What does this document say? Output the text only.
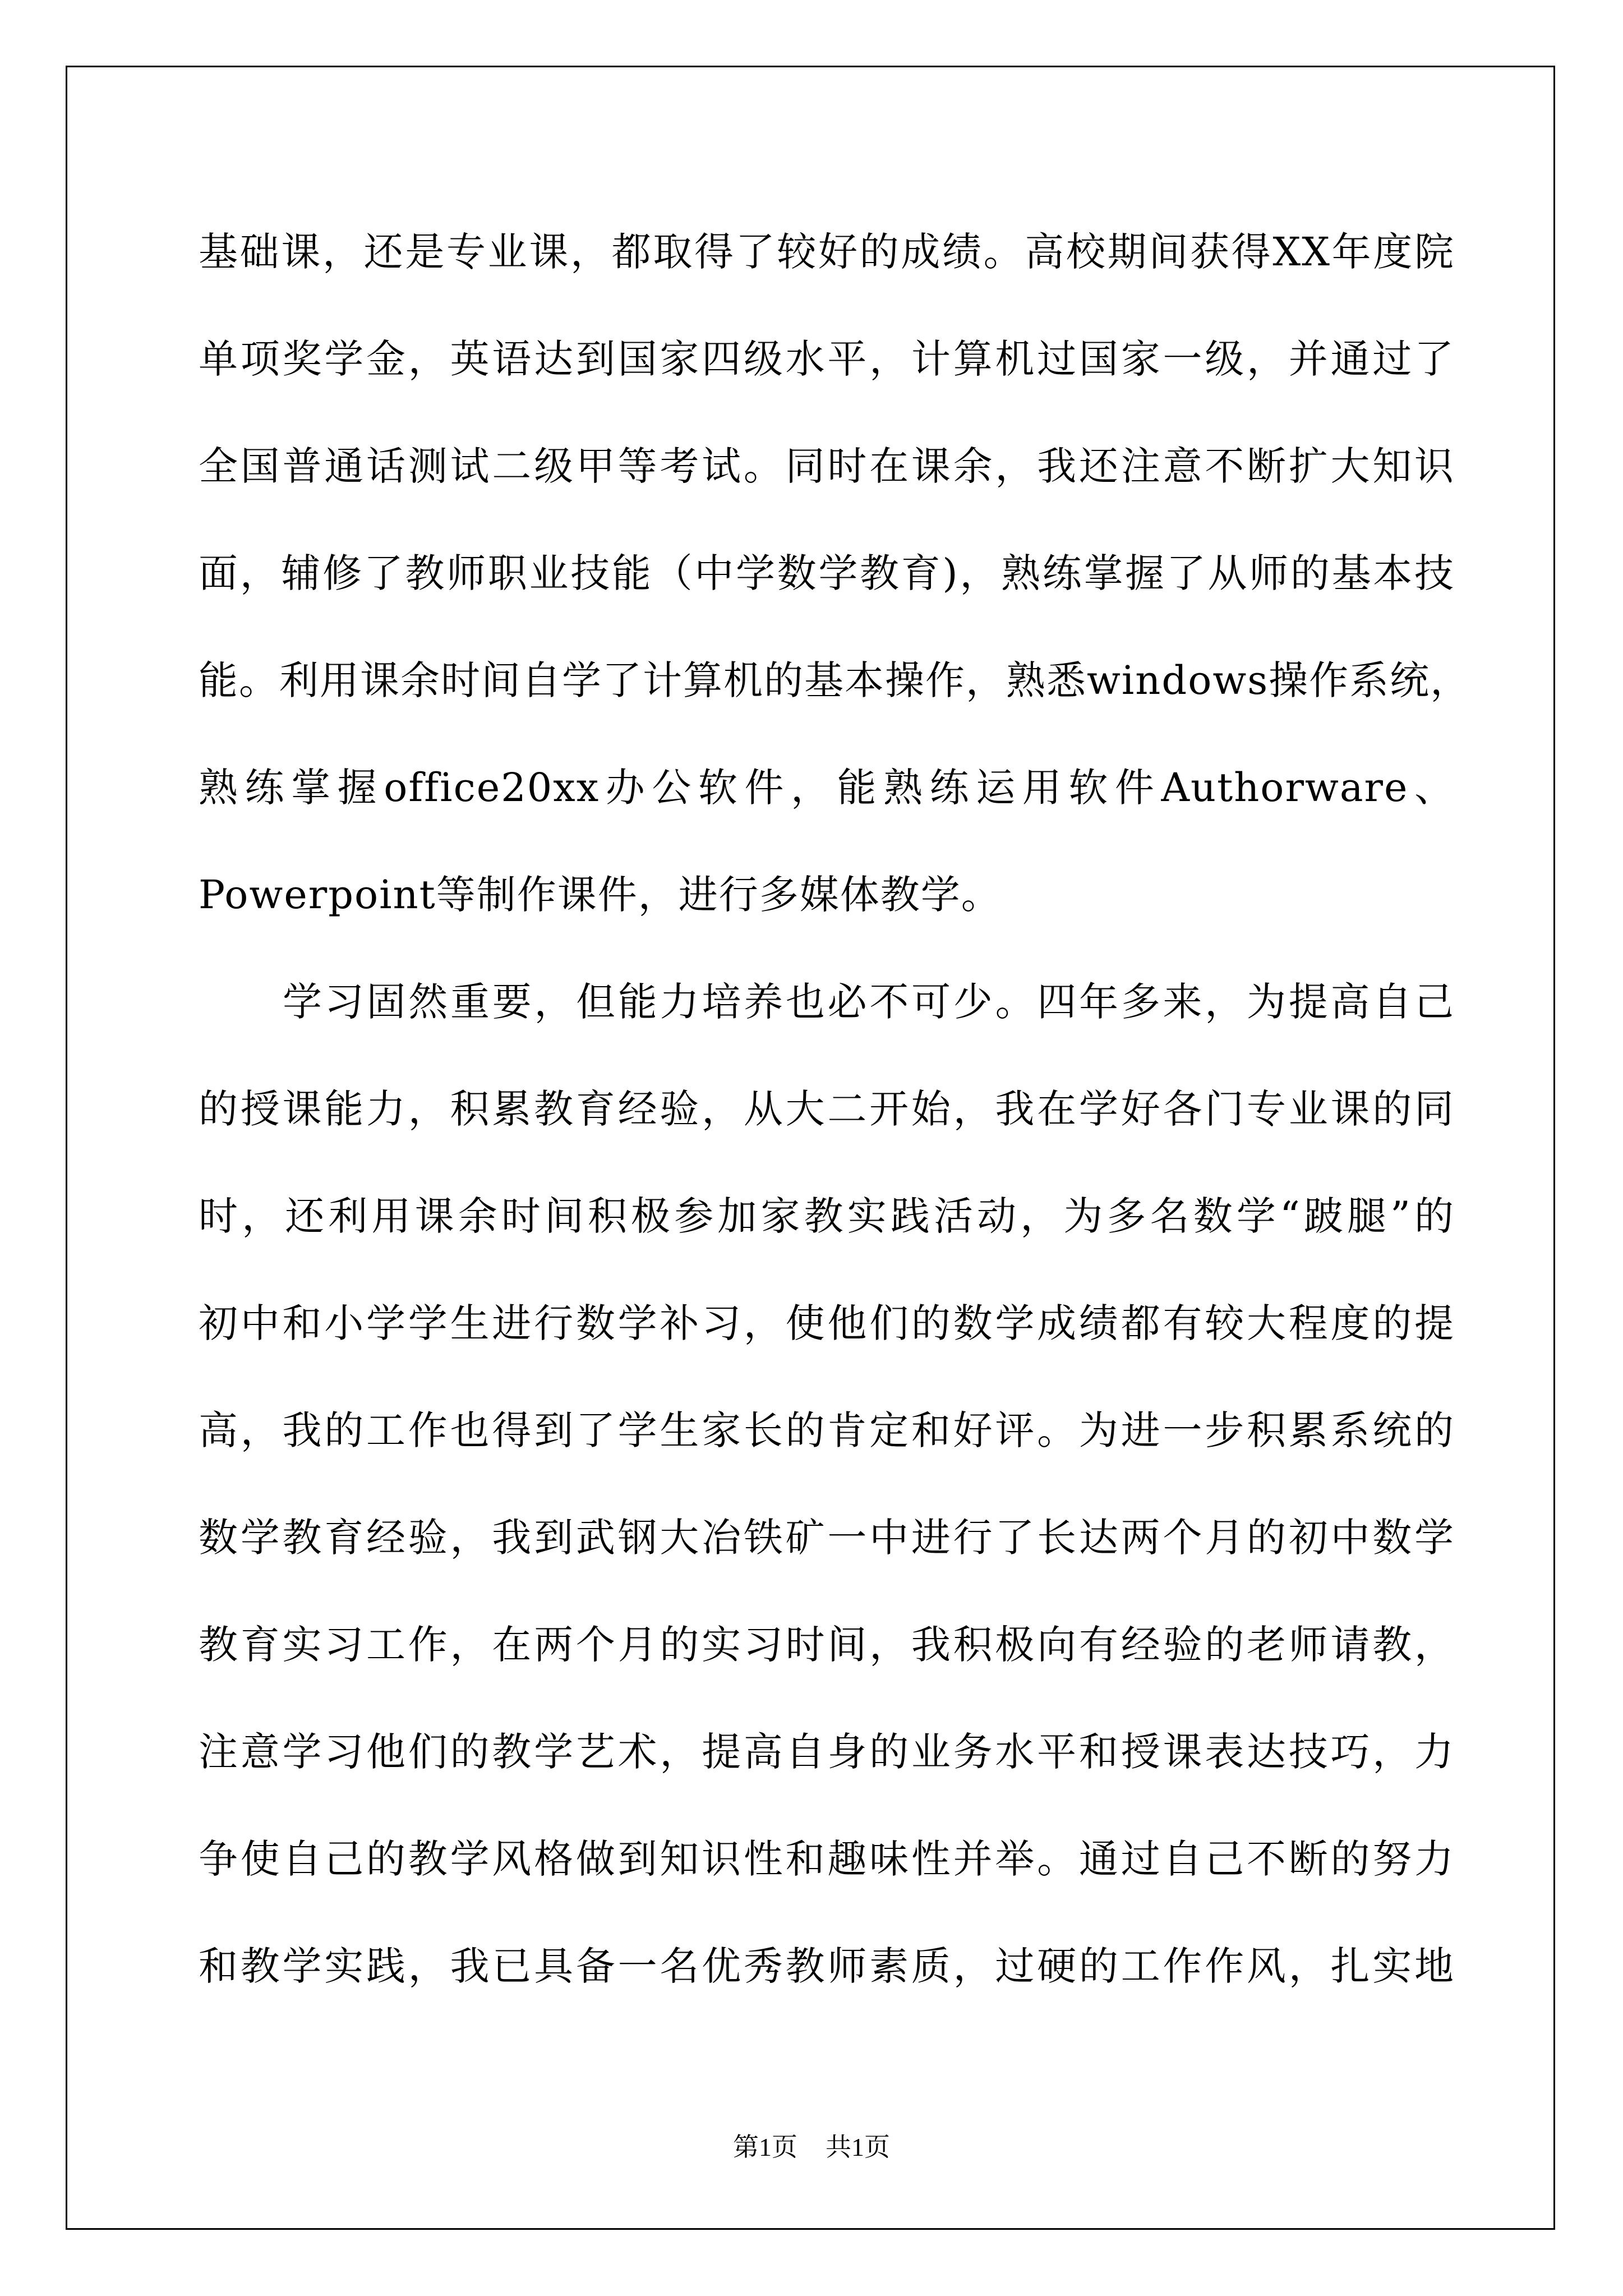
基础课，还是专业课，都取得了较好的成绩。高校期间获得XX年度院
单项奖学金，英语达到国家四级水平，计算机过国家一级，并通过了
全国普通话测试二级甲等考试。同时在课余，我还注意不断扩大知识
面，辅修了教师职业技能（中学数学教育)，熟练掌握了从师的基本技
能。利用课余时间自学了计算机的基本操作，熟悉windows操作系统，
熟练掌握office20xx办公软件，能熟练运用软件Authorware、
Powerpoint等制作课件，进行多媒体教学。
学习固然重要，但能力培养也必不可少。四年多来，为提高自己
的授课能力，积累教育经验，从大二开始，我在学好各门专业课的同
时，还利用课余时间积极参加家教实践活动，为多名数学“跛腿”的
初中和小学学生进行数学补习，使他们的数学成绩都有较大程度的提
高，我的工作也得到了学生家长的肯定和好评。为进一步积累系统的
数学教育经验，我到武钢大冶铁矿一中进行了长达两个月的初中数学
教育实习工作，在两个月的实习时间，我积极向有经验的老师请教，
注意学习他们的教学艺术，提高自身的业务水平和授课表达技巧，力
争使自己的教学风格做到知识性和趣味性并举。通过自己不断的努力
和教学实践，我已具备一名优秀教师素质，过硬的工作作风，扎实地
第1页 共1页
